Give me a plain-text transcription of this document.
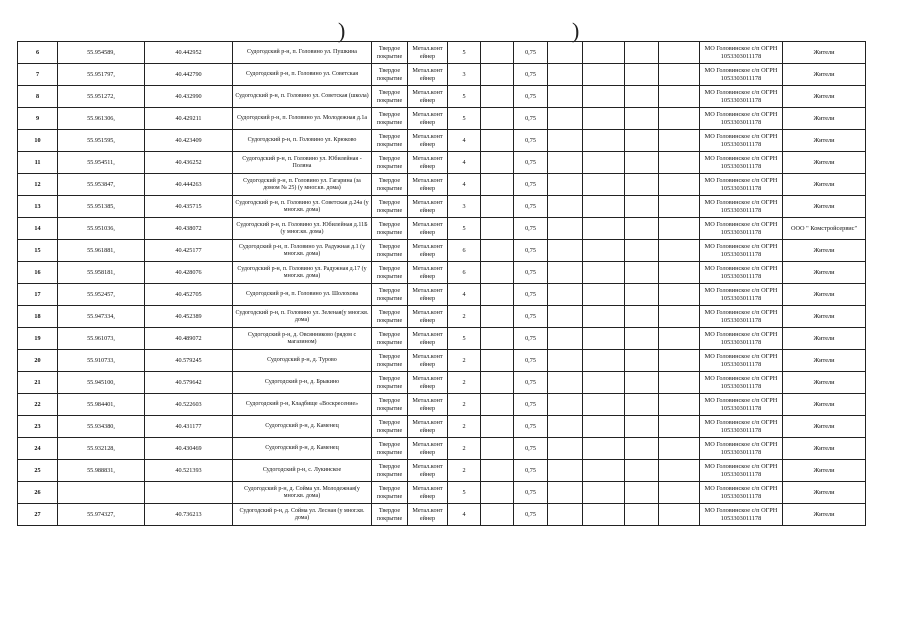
)	)
6	55.954589,	40.442952	Судогодский р-н, п. Головино ул. Пушкина	Твердое покрытие	Метал.конт ейнер	5		0,75					МО Головинское с/п ОГРН 1053303011178	Жители
7	55.951797,	40.442790	Судогодский р-н, п. Головино ул. Советская	Твердое покрытие	Метал.конт ейнер	3		0,75					МО Головинское с/п ОГРН 1053303011178	Жители
8	55.951272,	40.432990	Судогодский р-н, п. Головино ул. Советская (школа)	Твердое покрытие	Метал.конт ейнер	5		0,75					МО Головинское с/п ОГРН 1053303011178	Жители
9	55.961306,	40.429211	Судогодский р-н, п. Головино ул. Молодежная д.1а	Твердое покрытие	Метал.конт ейнер	5		0,75					МО Головинское с/п ОГРН 1053303011178	Жители
10	55.951595,	40.423409	Судогодский р-н, п. Головино ул. Крюково	Твердое покрытие	Метал.конт ейнер	4		0,75					МО Головинское с/п ОГРН 1053303011178	Жители
11	55.954511,	40.436252	Судогодский р-н, п. Головино ул. Юбилейная - Поляна	Твердое покрытие	Метал.конт ейнер	4		0,75					МО Головинское с/п ОГРН 1053303011178	Жители
12	55.953847,	40.444263	Судогодский р-н, п. Головино ул. Гагарина (за домом № 25) (у мног.кв. дома)	Твердое покрытие	Метал.конт ейнер	4		0,75					МО Головинское с/п ОГРН 1053303011178	Жители
13	55.951385,	40.435715	Судогодский р-н, п. Головино ул. Советская д.24а (у мног.кв. дома)	Твердое покрытие	Метал.конт ейнер	3		0,75					МО Головинское с/п ОГРН 1053303011178	Жители
14	55.951036,	40.438072	Судогодский р-н, п. Головино ул. Юбилейная д.11Б (у мног.кв. дома)	Твердое покрытие	Метал.конт ейнер	5		0,75					МО Головинское с/п ОГРН 1053303011178	ООО " Комстройсервис"
15	55.961881,	40.425177	Судогодский р-н, п. Головино ул. Радужная д.1 (у мног.кв. дома)	Твердое покрытие	Метал.конт ейнер	6		0,75					МО Головинское с/п ОГРН 1053303011178	Жители
16	55.958181,	40.428076	Судогодский р-н, п. Головино ул. Радужная д.17 (у мног.кв. дома)	Твердое покрытие	Метал.конт ейнер	6		0,75					МО Головинское с/п ОГРН 1053303011178	Жители
17	55.952457,	40.452705	Судогодский р-н, п. Головино ул. Шолохова	Твердое покрытие	Метал.конт ейнер	4		0,75					МО Головинское с/п ОГРН 1053303011178	Жители
18	55.947334,	40.452389	Судогодский р-н, п. Головино ул. Зеленая(у мног.кв. дома)	Твердое покрытие	Метал.конт ейнер	2		0,75					МО Головинское с/п ОГРН 1053303011178	Жители
19	55.961073,	40.489072	Судогодский р-н, д. Овсянниково (рядом с магазином)	Твердое покрытие	Метал.конт ейнер	5		0,75					МО Головинское с/п ОГРН 1053303011178	Жители
20	55.910733,	40.579245	Судогодский р-н, д. Турово	Твердое покрытие	Метал.конт ейнер	2		0,75					МО Головинское с/п ОГРН 1053303011178	Жители
21	55.945100,	40.579642	Судогодский р-н, д. Брыкино	Твердое покрытие	Метал.конт ейнер	2		0,75					МО Головинское с/п ОГРН 1053303011178	Жители
22	55.984401,	40.522603	Судогодский р-н, Кладбище «Воскресение»	Твердое покрытие	Метал.конт ейнер	2		0,75					МО Головинское с/п ОГРН 1053303011178	Жители
23	55.934380,	40.431177	Судогодский р-н, д. Каменец	Твердое покрытие	Метал.конт ейнер	2		0,75					МО Головинское с/п ОГРН 1053303011178	Жители
24	55.932128,	40.430469	Судогодский р-н, д. Каменец	Твердое покрытие	Метал.конт ейнер	2		0,75					МО Головинское с/п ОГРН 1053303011178	Жители
25	55.988831,	40.521393	Судогодский р-н, с. Лукинское	Твердое покрытие	Метал.конт ейнер	2		0,75					МО Головинское с/п ОГРН 1053303011178	Жители
26			Судогодский р-н, д. Сойма ул. Молодежная(у мног.кв. дома)	Твердое покрытие	Метал.конт ейнер	5		0,75					МО Головинское с/п ОГРН 1053303011178	Жители
27	55.974327,	40.736213	Судогодский р-н, д. Сойма ул. Лесная (у мног.кв. дома)	Твердое покрытие	Метал.конт ейнер	4		0,75					МО Головинское с/п ОГРН 1053303011178	Жители
